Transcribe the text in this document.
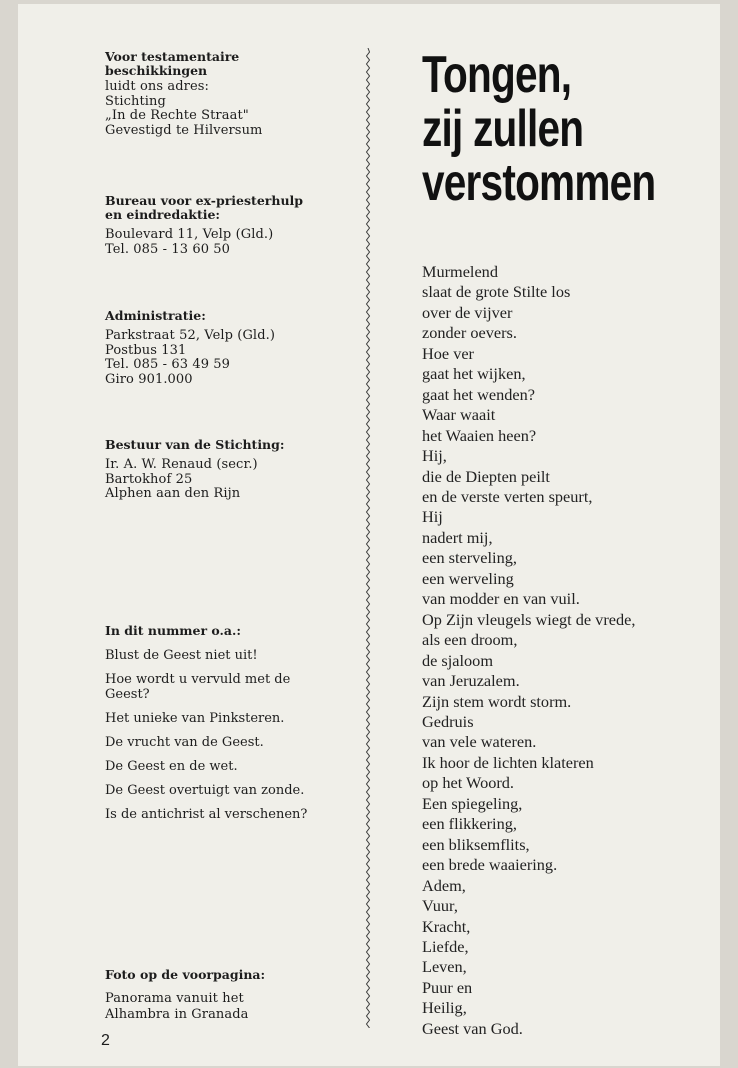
Voor testamentaire
beschikkingen
luidt ons adres:
Stichting
„In de Rechte Straat"
Gevestigd te Hilversum
Bureau voor ex-priesterhulp
en eindredaktie:
Boulevard 11, Velp (Gld.)
Tel. 085 - 13 60 50
Administratie:
Parkstraat 52, Velp (Gld.)
Postbus 131
Tel. 085 - 63 49 59
Giro 901.000
Bestuur van de Stichting:
Ir. A. W. Renaud (secr.)
Bartokhof 25
Alphen aan den Rijn
In dit nummer o.a.:
Blust de Geest niet uit!
Hoe wordt u vervuld met de
Geest?
Het unieke van Pinksteren.
De vrucht van de Geest.
De Geest en de wet.
De Geest overtuigt van zonde.
Is de antichrist al verschenen?
Foto op de voorpagina:
Panorama vanuit het
Alhambra in Granada
2
Tongen,
zij zullen
verstommen
Murmelend
slaat de grote Stilte los
over de vijver
zonder oevers.
Hoe ver
gaat het wijken,
gaat het wenden?
Waar waait
het Waaien heen?
Hij,
die de Diepten peilt
en de verste verten speurt,
Hij
nadert mij,
een sterveling,
een werveling
van modder en van vuil.
Op Zijn vleugels wiegt de vrede,
als een droom,
de sjaloom
van Jeruzalem.
Zijn stem wordt storm.
Gedruis
van vele wateren.
Ik hoor de lichten klateren
op het Woord.
Een spiegeling,
een flikkering,
een bliksemflits,
een brede waaiering.
Adem,
Vuur,
Kracht,
Liefde,
Leven,
Puur en
Heilig,
Geest van God.
